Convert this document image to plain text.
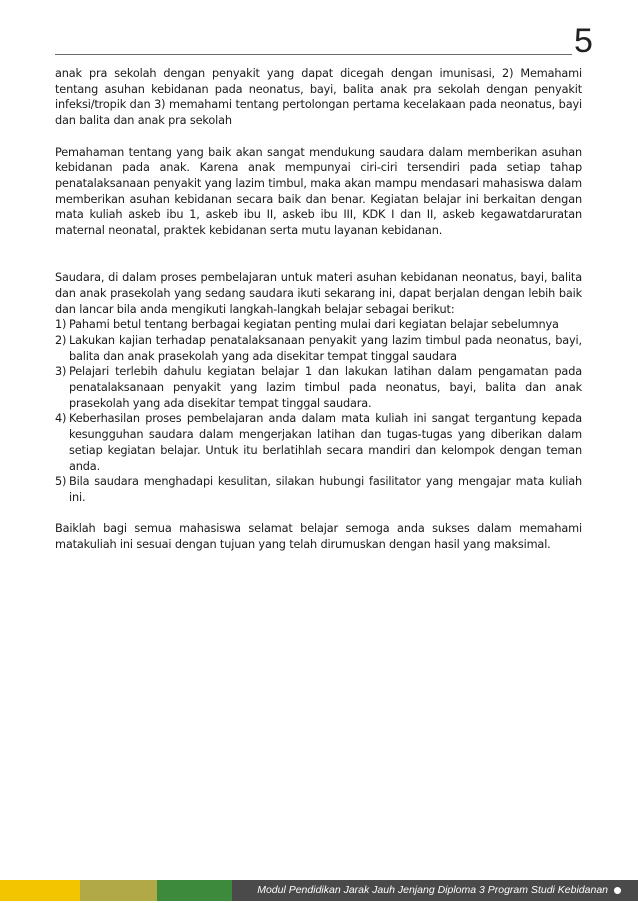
5

anak pra sekolah dengan penyakit yang dapat dicegah dengan imunisasi, 2) Memahami tentang asuhan kebidanan pada neonatus, bayi, balita anak pra sekolah dengan penyakit infeksi/tropik dan 3) memahami tentang pertolongan pertama kecelakaan pada neonatus, bayi dan balita dan anak pra sekolah

Pemahaman tentang yang baik akan sangat mendukung saudara dalam memberikan asuhan kebidanan pada anak. Karena anak mempunyai ciri-ciri tersendiri pada setiap tahap penatalaksanaan penyakit yang lazim timbul, maka akan mampu mendasari mahasiswa dalam memberikan asuhan kebidanan secara baik dan benar. Kegiatan belajar ini berkaitan dengan mata kuliah askeb ibu 1, askeb ibu II, askeb ibu III, KDK I dan II, askeb kegawatdaruratan maternal neonatal, praktek kebidanan serta mutu layanan kebidanan.

Saudara, di dalam proses pembelajaran untuk materi asuhan kebidanan neonatus, bayi, balita dan anak prasekolah yang sedang saudara ikuti sekarang ini, dapat berjalan dengan lebih baik dan lancar bila anda mengikuti langkah-langkah belajar sebagai berikut:

1) Pahami betul tentang berbagai kegiatan penting mulai dari kegiatan belajar sebelumnya
2) Lakukan kajian terhadap penatalaksanaan penyakit yang lazim timbul pada neonatus, bayi, balita dan anak prasekolah yang ada disekitar tempat tinggal saudara
3) Pelajari terlebih dahulu kegiatan belajar 1 dan lakukan latihan dalam pengamatan pada penatalaksanaan penyakit yang lazim timbul pada neonatus, bayi, balita dan anak prasekolah yang ada disekitar tempat tinggal saudara.
4) Keberhasilan proses pembelajaran anda dalam mata kuliah ini sangat tergantung kepada kesungguhan saudara dalam mengerjakan latihan dan tugas-tugas yang diberikan dalam setiap kegiatan belajar. Untuk itu berlatihlah secara mandiri dan kelompok dengan teman anda.
5) Bila saudara menghadapi kesulitan, silakan hubungi fasilitator yang mengajar mata kuliah ini.

Baiklah bagi semua mahasiswa selamat belajar semoga anda sukses dalam memahami matakuliah ini sesuai dengan tujuan yang telah dirumuskan dengan hasil yang maksimal.

Modul Pendidikan Jarak Jauh Jenjang Diploma 3 Program Studi Kebidanan
